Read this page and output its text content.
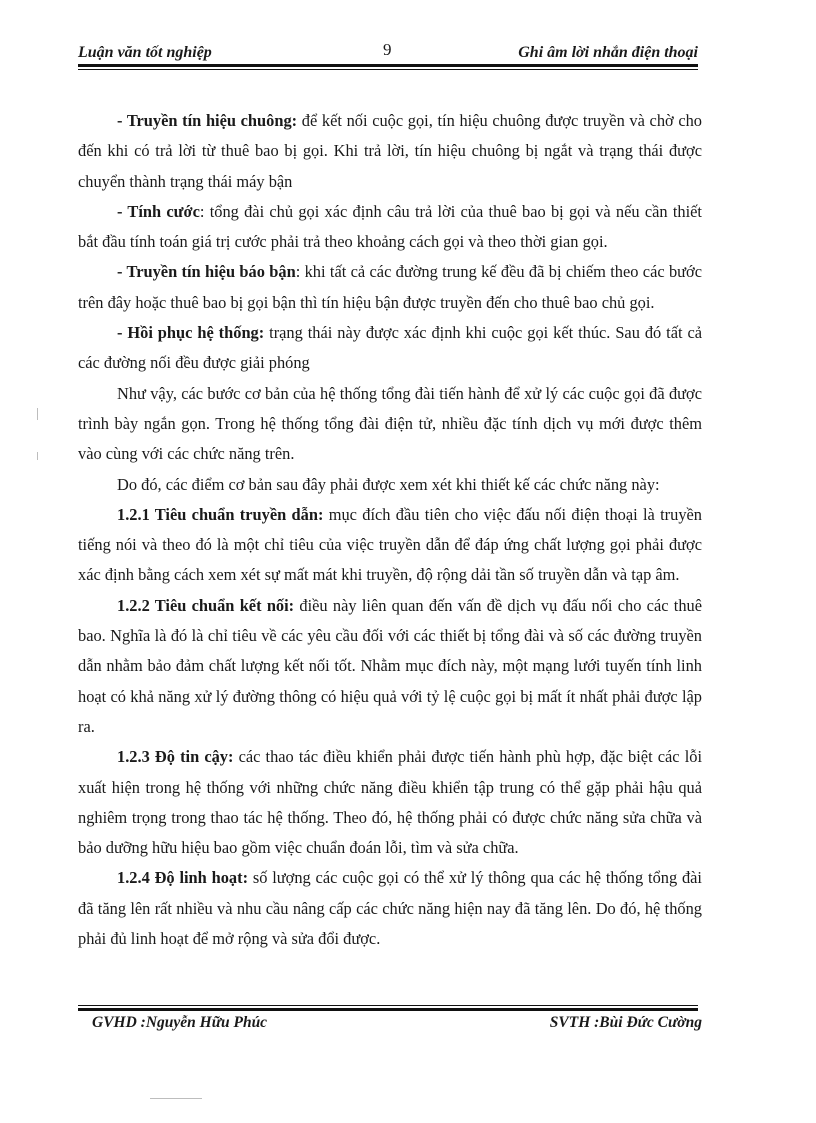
Luận văn tốt nghiệp	9	Ghi âm lời nhắn điện thoại

- Truyền tín hiệu chuông: để kết nối cuộc gọi, tín hiệu chuông được truyền và chờ cho đến khi có trả lời từ thuê bao bị gọi. Khi trả lời, tín hiệu chuông bị ngắt và trạng thái được chuyển thành trạng thái máy bận

- Tính cước: tổng đài chủ gọi xác định câu trả lời của thuê bao bị gọi và nếu cần thiết bắt đầu tính toán giá trị cước phải trả theo khoảng cách gọi và theo thời gian gọi.

- Truyền tín hiệu báo bận: khi tất cả các đường trung kế đều đã bị chiếm theo các bước trên đây hoặc thuê bao bị gọi bận thì tín hiệu bận được truyền đến cho thuê bao chủ gọi.

- Hồi phục hệ thống: trạng thái này được xác định khi cuộc gọi kết thúc. Sau đó tất cả các đường nối đều được giải phóng

Như vậy, các bước cơ bản của hệ thống tổng đài tiến hành để xử lý các cuộc gọi đã được trình bày ngắn gọn. Trong hệ thống tổng đài điện tử, nhiều đặc tính dịch vụ mới được thêm vào cùng với các chức năng trên.

Do đó, các điểm cơ bản sau đây phải được xem xét khi thiết kế các chức năng này:

1.2.1 Tiêu chuẩn truyền dẫn: mục đích đầu tiên cho việc đấu nối điện thoại là truyền tiếng nói và theo đó là một chỉ tiêu của việc truyền dẫn để đáp ứng chất lượng gọi phải được xác định bằng cách xem xét sự mất mát khi truyền, độ rộng dải tần số truyền dẫn và tạp âm.

1.2.2 Tiêu chuẩn kết nối: điều này liên quan đến vấn đề dịch vụ đấu nối cho các thuê bao. Nghĩa là đó là chỉ tiêu về các yêu cầu đối với các thiết bị tổng đài và số các đường truyền dẫn nhằm bảo đảm chất lượng kết nối tốt. Nhằm mục đích này, một mạng lưới tuyến tính linh hoạt có khả năng xử lý đường thông có hiệu quả với tỷ lệ cuộc gọi bị mất ít nhất phải được lập ra.

1.2.3 Độ tin cậy: các thao tác điều khiển phải được tiến hành phù hợp, đặc biệt các lỗi xuất hiện trong hệ thống với những chức năng điều khiển tập trung có thể gặp phải hậu quả nghiêm trọng trong thao tác hệ thống. Theo đó, hệ thống phải có được chức năng sửa chữa và bảo dưỡng hữu hiệu bao gồm việc chuẩn đoán lỗi, tìm và sửa chữa.

1.2.4 Độ linh hoạt: số lượng các cuộc gọi có thể xử lý thông qua các hệ thống tổng đài đã tăng lên rất nhiều và nhu cầu nâng cấp các chức năng hiện nay đã tăng lên. Do đó, hệ thống phải đủ linh hoạt để mở rộng và sửa đổi được.

GVHD :Nguyễn Hữu Phúc	SVTH :Bùi Đức Cường
